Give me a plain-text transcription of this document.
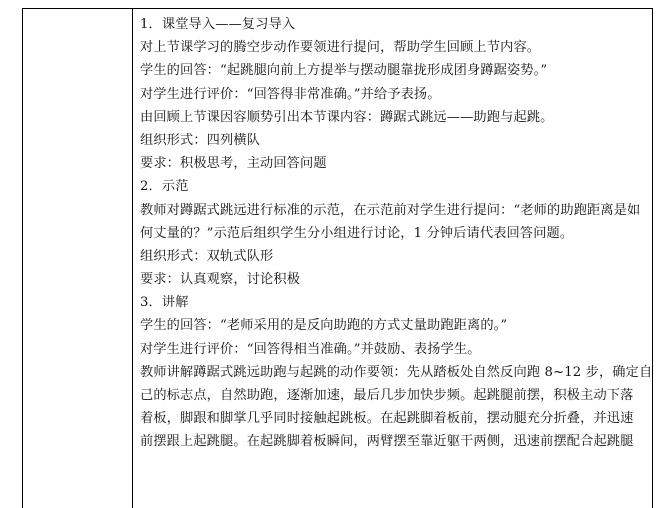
1．课堂导入——复习导入
对上节课学习的腾空步动作要领进行提问，帮助学生回顾上节内容。
学生的回答：“起跳腿向前上方提举与摆动腿靠拢形成团身蹲踞姿势。”
对学生进行评价：“回答得非常准确。”并给予表扬。
由回顾上节课因容顺势引出本节课内容：蹲踞式跳远——助跑与起跳。
组织形式：四列横队
要求：积极思考，主动回答问题
2．示范
教师对蹲踞式跳远进行标准的示范，在示范前对学生进行提问：“老师的助跑距离是如
何丈量的？”示范后组织学生分小组进行讨论，1 分钟后请代表回答问题。
组织形式：双轨式队形
要求：认真观察，讨论积极
3．讲解
学生的回答：“老师采用的是反向助跑的方式丈量助跑距离的。”
对学生进行评价：“回答得相当准确。”并鼓励、表扬学生。
教师讲解蹲踞式跳远助跑与起跳的动作要领：先从踏板处自然反向跑 8~12 步，确定自
己的标志点，自然助跑，逐渐加速，最后几步加快步频。起跳腿前摆，积极主动下落
着板，脚跟和脚掌几乎同时接触起跳板。在起跳脚着板前，摆动腿充分折叠，并迅速
前摆跟上起跳腿。在起跳脚着板瞬间，两臂摆至靠近躯干两侧，迅速前摆配合起跳腿
